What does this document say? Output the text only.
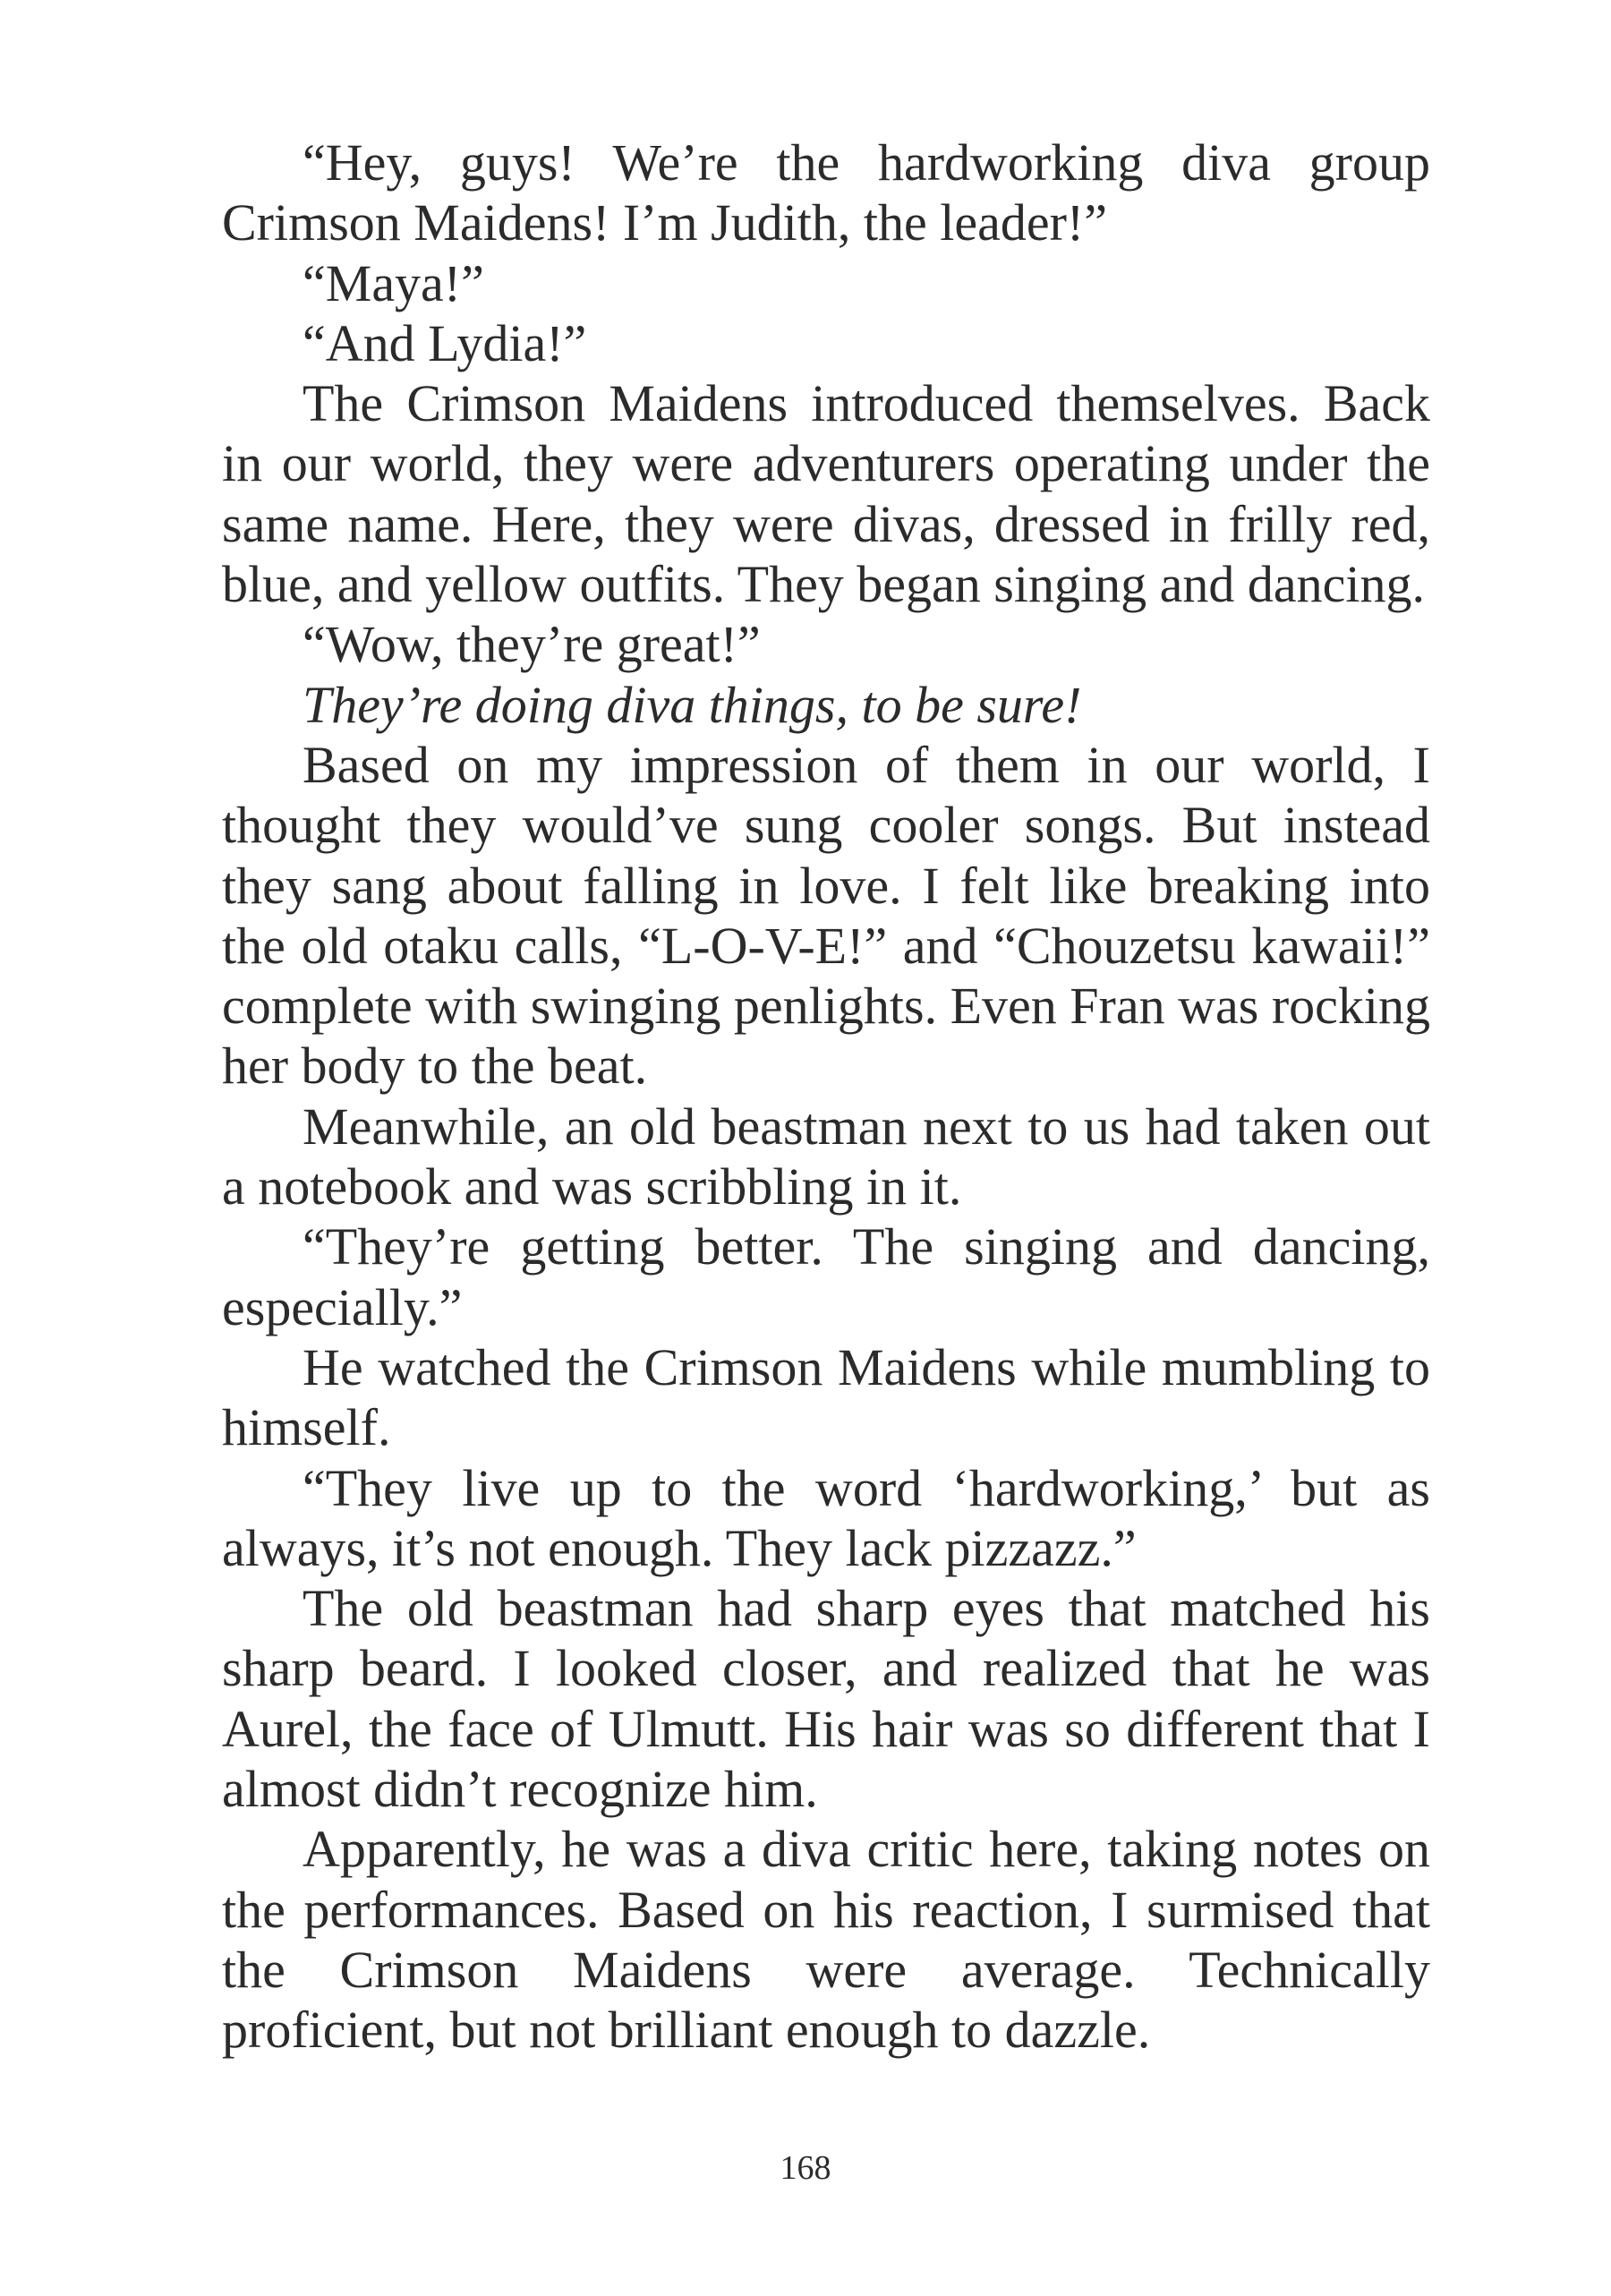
“Hey, guys! We’re the hardworking diva group Crimson Maidens! I’m Judith, the leader!”

“Maya!”

“And Lydia!”

The Crimson Maidens introduced themselves. Back in our world, they were adventurers operating under the same name. Here, they were divas, dressed in frilly red, blue, and yellow outfits. They began singing and dancing.

“Wow, they’re great!”

They’re doing diva things, to be sure!

Based on my impression of them in our world, I thought they would’ve sung cooler songs. But instead they sang about falling in love. I felt like breaking into the old otaku calls, “L-O-V-E!” and “Chouzetsu kawaii!” complete with swinging penlights. Even Fran was rocking her body to the beat.

Meanwhile, an old beastman next to us had taken out a notebook and was scribbling in it.

“They’re getting better. The singing and dancing, especially.”

He watched the Crimson Maidens while mumbling to himself.

“They live up to the word ‘hardworking,’ but as always, it’s not enough. They lack pizzazz.”

The old beastman had sharp eyes that matched his sharp beard. I looked closer, and realized that he was Aurel, the face of Ulmutt. His hair was so different that I almost didn’t recognize him.

Apparently, he was a diva critic here, taking notes on the performances. Based on his reaction, I surmised that the Crimson Maidens were average. Technically proficient, but not brilliant enough to dazzle.

168
